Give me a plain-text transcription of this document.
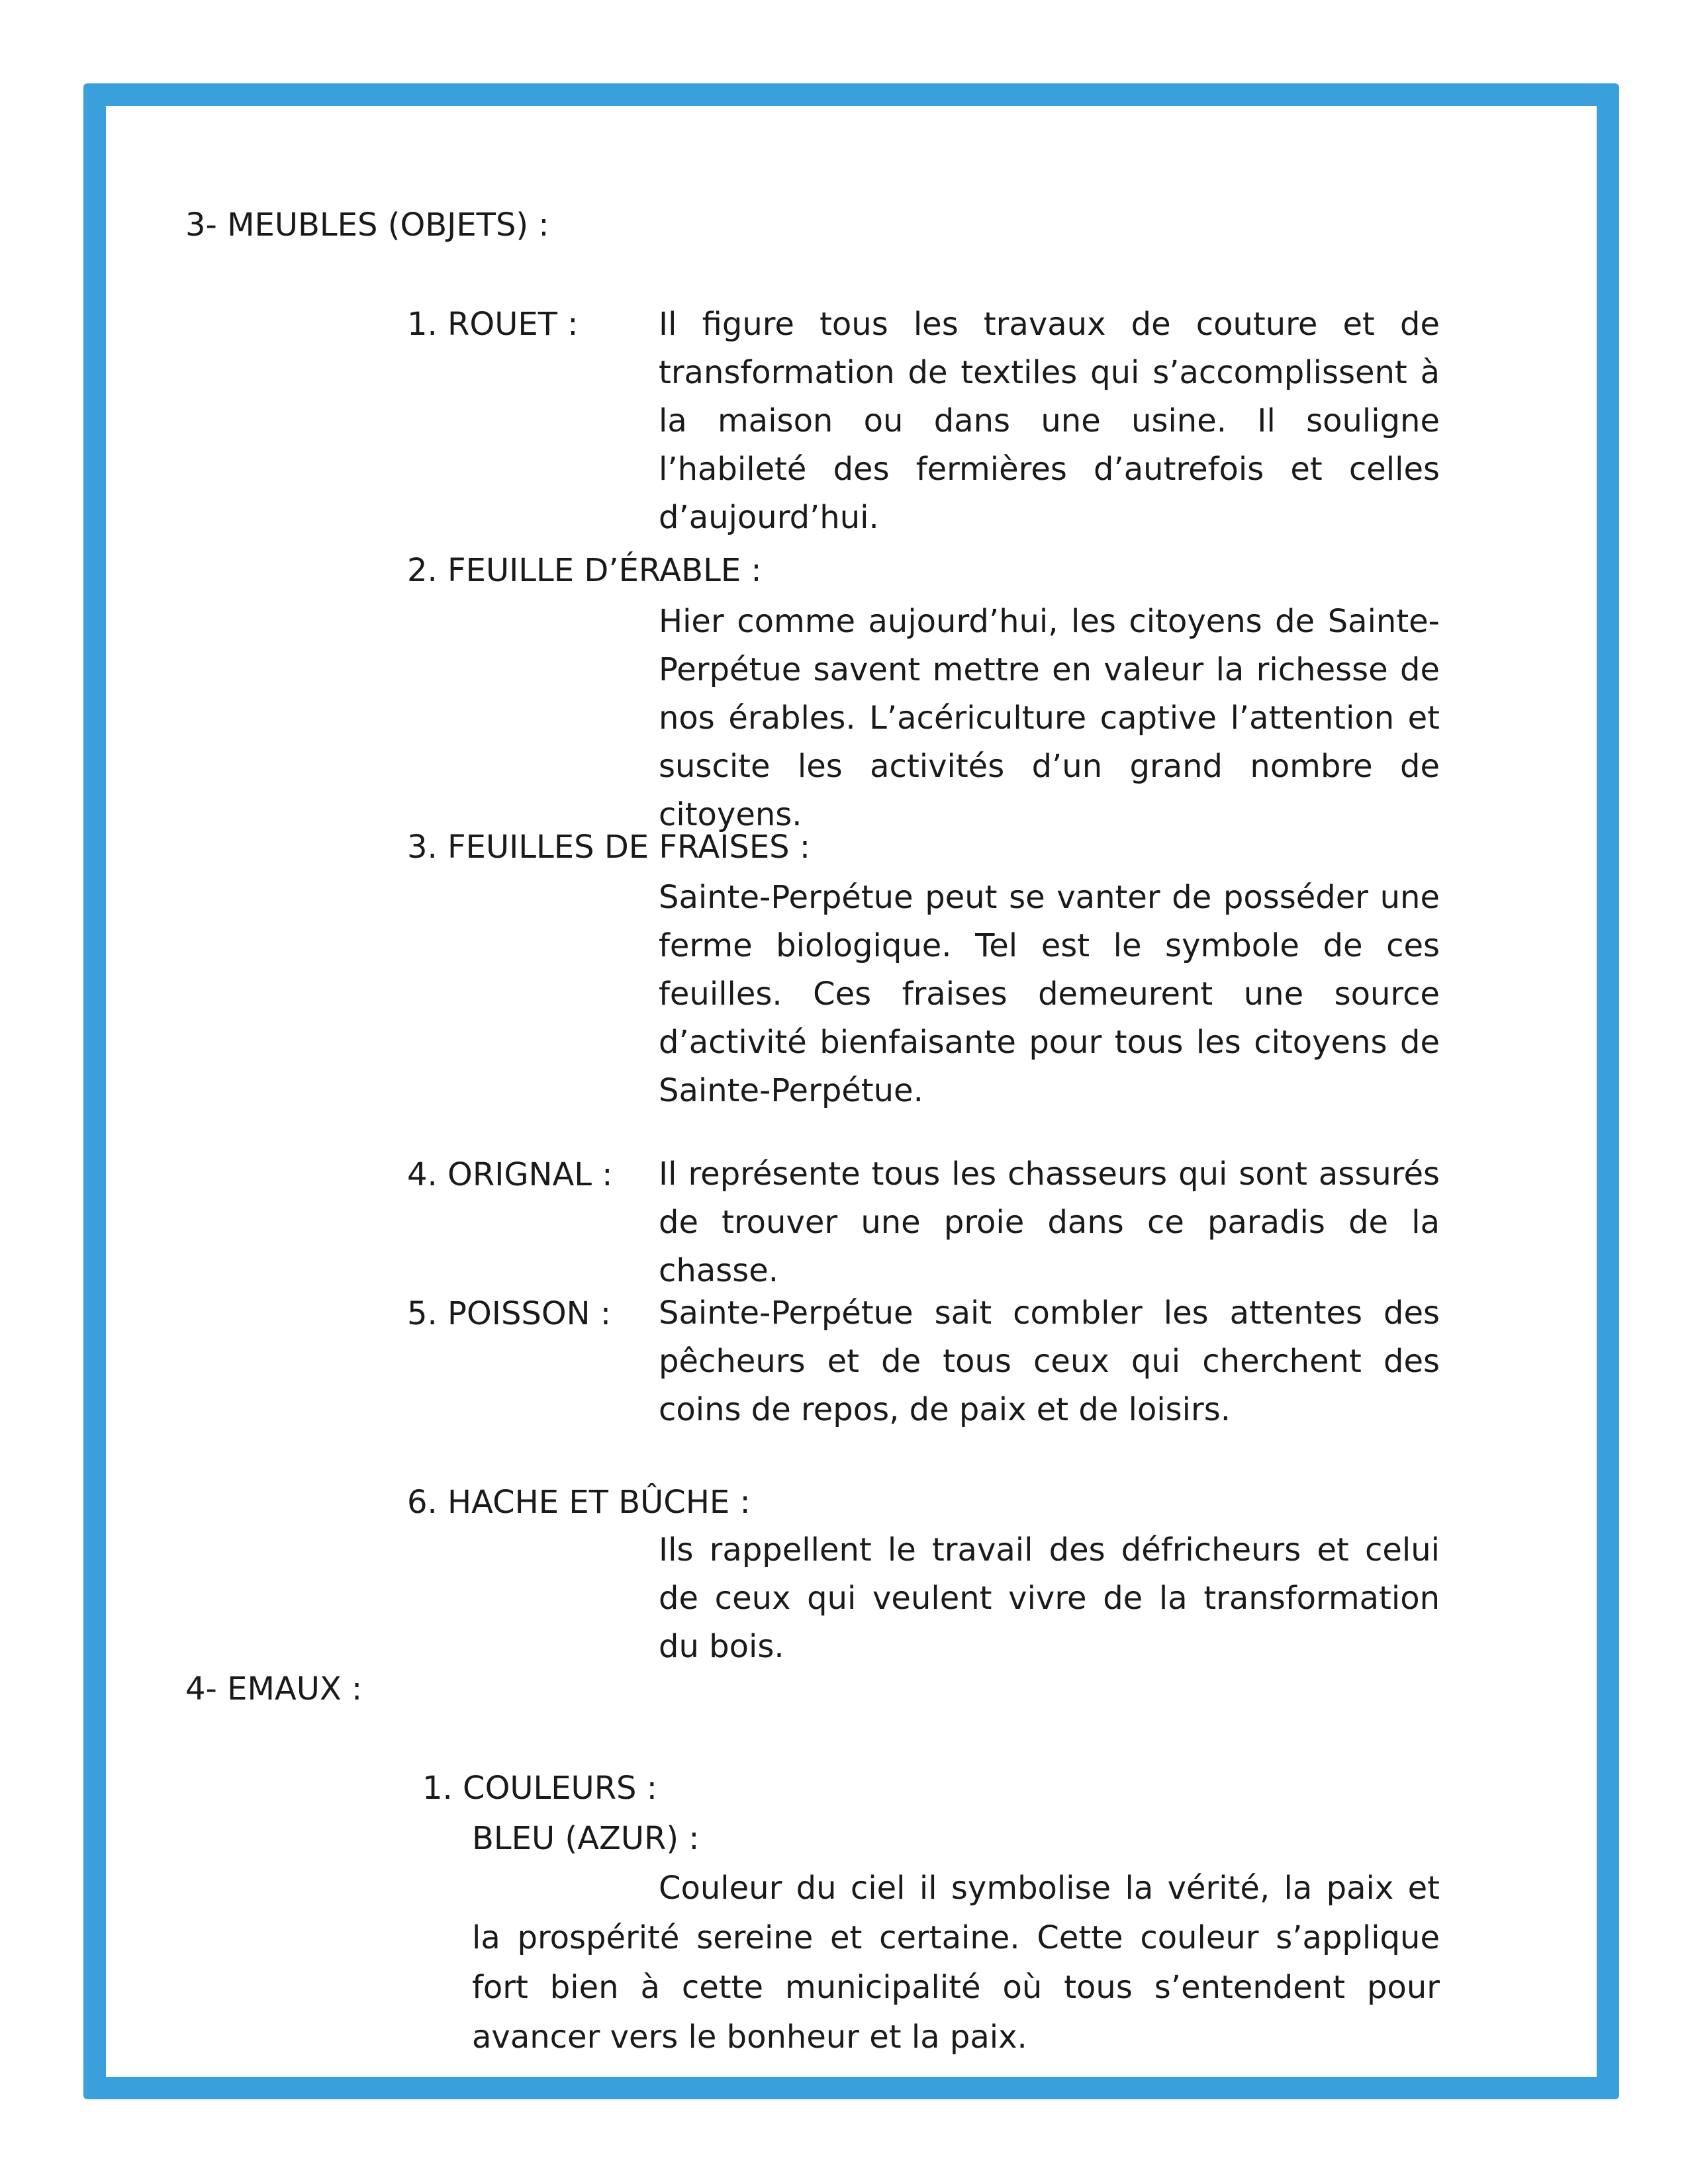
3- MEUBLES (OBJETS) :
1. ROUET :	Il figure tous les travaux de couture et de transformation de textiles qui s’accomplissent à la maison ou dans une usine. Il souligne l’habileté des fermières d’autrefois et celles d’aujourd’hui.
2. FEUILLE D’ÉRABLE :
Hier comme aujourd’hui, les citoyens de Sainte-Perpétue savent mettre en valeur la richesse de nos érables. L’acériculture captive l’attention et suscite les activités d’un grand nombre de citoyens.
3. FEUILLES DE FRAISES :
Sainte-Perpétue peut se vanter de posséder une ferme biologique. Tel est le symbole de ces feuilles. Ces fraises demeurent une source d’activité bienfaisante pour tous les citoyens de Sainte-Perpétue.
4. ORIGNAL : Il représente tous les chasseurs qui sont assurés de trouver une proie dans ce paradis de la chasse.
5. POISSON : Sainte-Perpétue sait combler les attentes des pêcheurs et de tous ceux qui cherchent des coins de repos, de paix et de loisirs.
6. HACHE ET BÛCHE :
Ils rappellent le travail des défricheurs et celui de ceux qui veulent vivre de la transformation du bois.
4- EMAUX :
1. COULEURS :
BLEU (AZUR) :
Couleur du ciel il symbolise la vérité, la paix et la prospérité sereine et certaine. Cette couleur s’applique fort bien à cette municipalité où tous s’entendent pour avancer vers le bonheur et la paix.
